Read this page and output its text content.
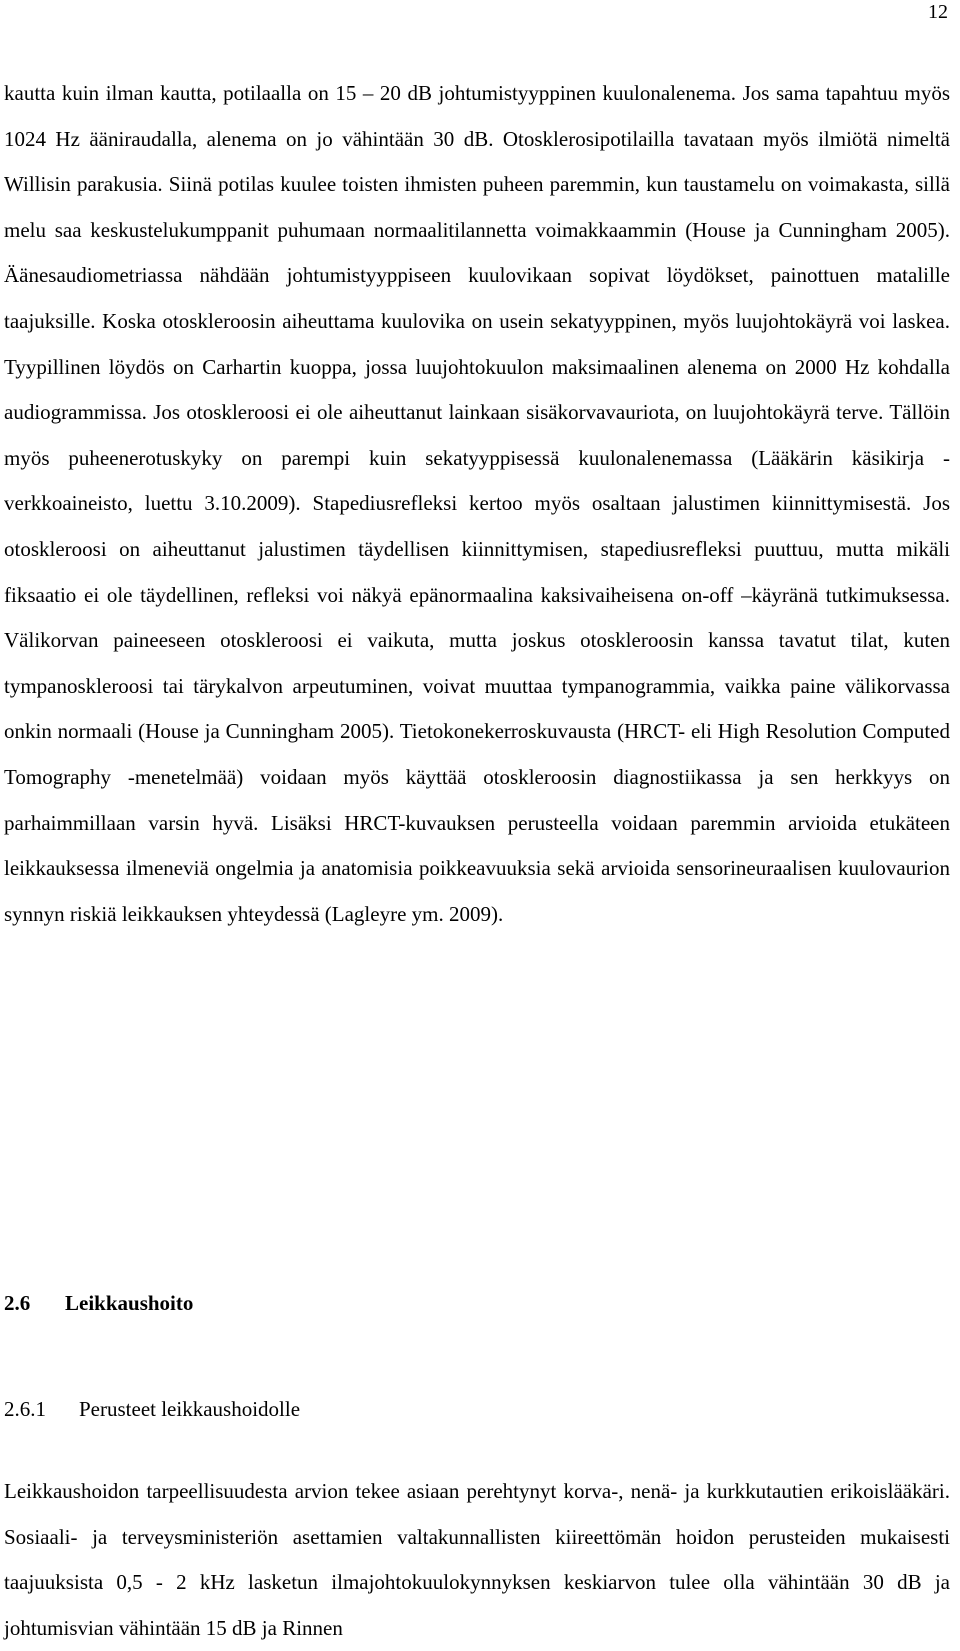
12

kautta kuin ilman kautta, potilaalla on 15 – 20 dB johtumistyyppinen kuulonalenema. Jos sama tapahtuu myös 1024 Hz ääniraudalla, alenema on jo vähintään 30 dB. Otosklerosipotilailla tavataan myös ilmiötä nimeltä Willisin parakusia. Siinä potilas kuulee toisten ihmisten puheen paremmin, kun taustamelu on voimakasta, sillä melu saa keskustelukumppanit puhumaan normaalitilannetta voimakkaammin (House ja Cunningham 2005). Äänesaudiometriassa nähdään johtumistyyppiseen kuulovikaan sopivat löydökset, painottuen matalille taajuksille. Koska otoskleroosin aiheuttama kuulovika on usein sekatyyppinen, myös luujohtokäyrä voi laskea. Tyypillinen löydös on Carhartin kuoppa, jossa luujohtokuulon maksimaalinen alenema on 2000 Hz kohdalla audiogrammissa. Jos otoskleroosi ei ole aiheuttanut lainkaan sisäkorvavauriota, on luujohtokäyrä terve. Tällöin myös puheenerotuskyky on parempi kuin sekatyyppisessä kuulonalenemassa (Lääkärin käsikirja - verkkoaineisto, luettu 3.10.2009). Stapediusrefleksi kertoo myös osaltaan jalustimen kiinnittymisestä. Jos otoskleroosi on aiheuttanut jalustimen täydellisen kiinnittymisen, stapediusrefleksi puuttuu, mutta mikäli fiksaatio ei ole täydellinen, refleksi voi näkyä epänormaalina kaksivaiheisena on-off –käyränä tutkimuksessa. Välikorvan paineeseen otoskleroosi ei vaikuta, mutta joskus otoskleroosin kanssa tavatut tilat, kuten tympanoskleroosi tai tärykalvon arpeutuminen, voivat muuttaa tympanogrammia, vaikka paine välikorvassa onkin normaali (House ja Cunningham 2005). Tietokonekerroskuvausta (HRCT- eli High Resolution Computed Tomography -menetelmää) voidaan myös käyttää otoskleroosin diagnostiikassa ja sen herkkyys on parhaimmillaan varsin hyvä. Lisäksi HRCT-kuvauksen perusteella voidaan paremmin arvioida etukäteen leikkauksessa ilmeneviä ongelmia ja anatomisia poikkeavuuksia sekä arvioida sensorineuraalisen kuulovaurion synnyn riskiä leikkauksen yhteydessä (Lagleyre ym. 2009).

2.6 Leikkaushoito
2.6.1 Perusteet leikkaushoidolle

Leikkaushoidon tarpeellisuudesta arvion tekee asiaan perehtynyt korva-, nenä- ja kurkkutautien erikoislääkäri. Sosiaali- ja terveysministeriön asettamien valtakunnallisten kiireettömän hoidon perusteiden mukaisesti taajuuksista 0,5 - 2 kHz lasketun ilmajohtokuulokynnyksen keskiarvon tulee olla vähintään 30 dB ja johtumisvian vähintään 15 dB ja Rinnen
